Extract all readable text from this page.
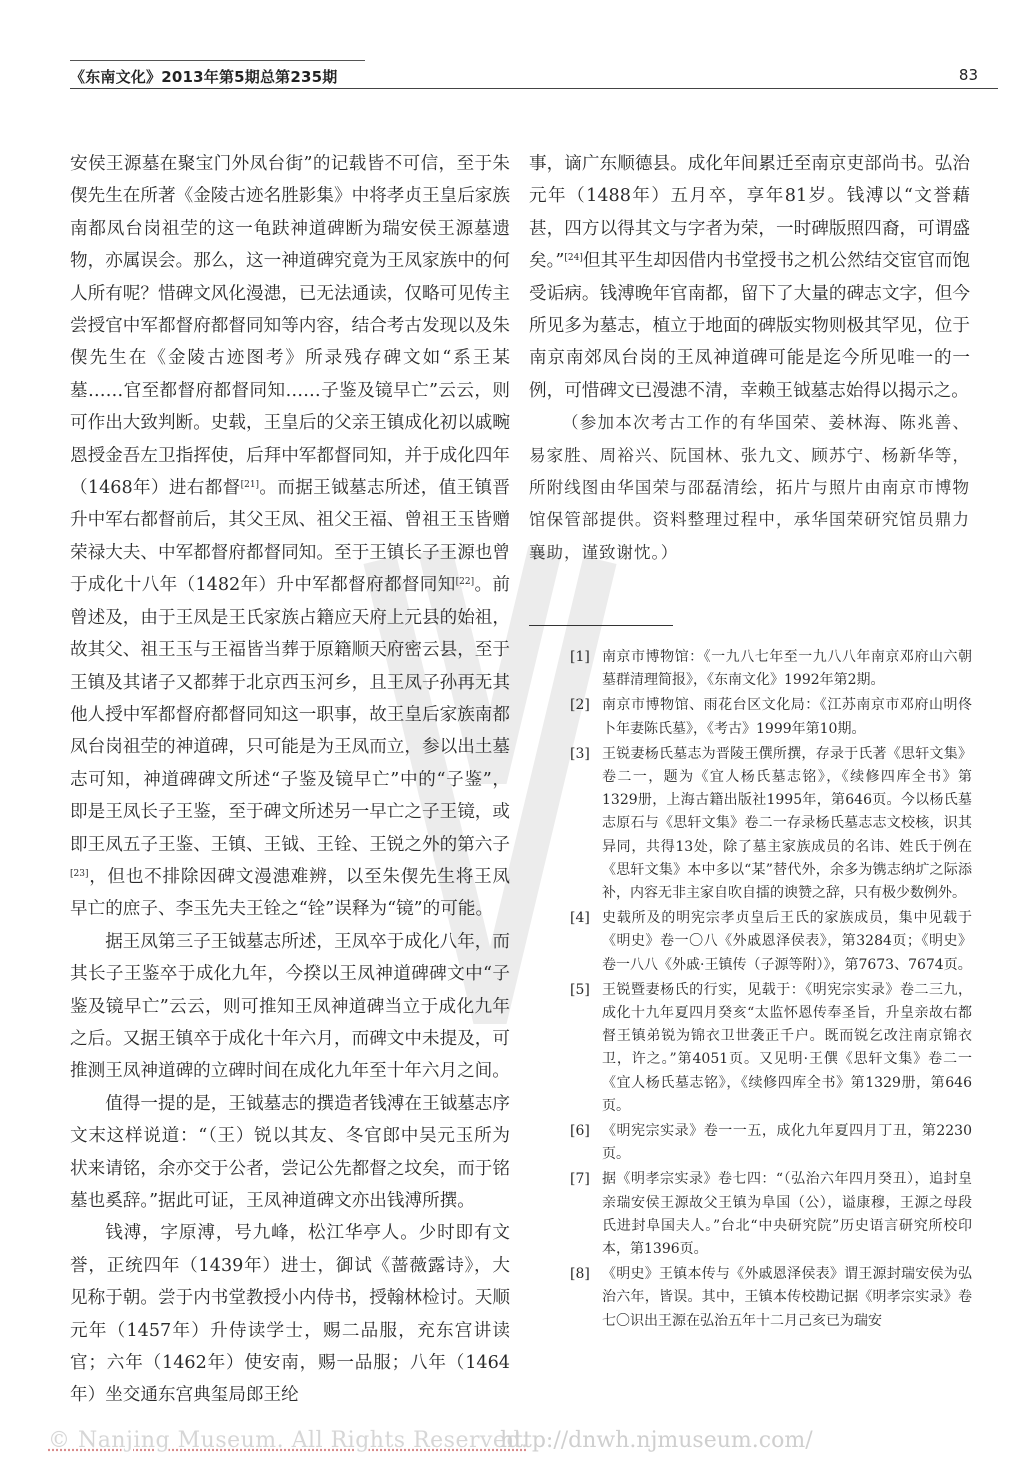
《东南文化》2013年第5期总第235期	83

安侯王源墓在聚宝门外凤台街”的记载皆不可信，至于朱偰先生在所著《金陵古迹名胜影集》中将孝贞王皇后家族南都凤台岗祖茔的这一龟趺神道碑断为瑞安侯王源墓遗物，亦属误会。那么，这一神道碑究竟为王凤家族中的何人所有呢？惜碑文风化漫漶，已无法通读，仅略可见传主尝授官中军都督府都督同知等内容，结合考古发现以及朱偰先生在《金陵古迹图考》所录残存碑文如“系王某墓……官至都督府都督同知……子鉴及镜早亡”云云，则可作出大致判断。史载，王皇后的父亲王镇成化初以戚畹恩授金吾左卫指挥使，后拜中军都督同知，并于成化四年（1468年）进右都督[21]。而据王钺墓志所述，值王镇晋升中军右都督前后，其父王凤、祖父王福、曾祖王玉皆赠荣禄大夫、中军都督府都督同知。至于王镇长子王源也曾于成化十八年（1482年）升中军都督府都督同知[22]。前曾述及，由于王凤是王氏家族占籍应天府上元县的始祖，故其父、祖王玉与王福皆当葬于原籍顺天府密云县，至于王镇及其诸子又都葬于北京西玉河乡，且王凤子孙再无其他人授中军都督府都督同知这一职事，故王皇后家族南都凤台岗祖茔的神道碑，只可能是为王凤而立，参以出土墓志可知，神道碑碑文所述“子鉴及镜早亡”中的“子鉴”，即是王凤长子王鉴，至于碑文所述另一早亡之子王镜，或即王凤五子王鉴、王镇、王钺、王铨、王锐之外的第六子[23]，但也不排除因碑文漫漶难辨，以至朱偰先生将王凤早亡的庶子、李玉先夫王铨之“铨”误释为“镜”的可能。

据王凤第三子王钺墓志所述，王凤卒于成化八年，而其长子王鉴卒于成化九年，今揆以王凤神道碑碑文中“子鉴及镜早亡”云云，则可推知王凤神道碑当立于成化九年之后。又据王镇卒于成化十年六月，而碑文中未提及，可推测王凤神道碑的立碑时间在成化九年至十年六月之间。

值得一提的是，王钺墓志的撰造者钱溥在王钺墓志序文末这样说道：“（王）锐以其友、冬官郎中吴元玉所为状来请铭，余亦交于公者，尝记公先都督之坟矣，而于铭墓也奚辞。”据此可证，王凤神道碑文亦出钱溥所撰。

钱溥，字原溥，号九峰，松江华亭人。少时即有文誉，正统四年（1439年）进士，御试《蔷薇露诗》，大见称于朝。尝于内书堂教授小内侍书，授翰林检讨。天顺元年（1457年）升侍读学士，赐二品服，充东宫讲读官；六年（1462年）使安南，赐一品服；八年（1464年）坐交通东宫典玺局郎王纶

事，谪广东顺德县。成化年间累迁至南京吏部尚书。弘治元年（1488年）五月卒，享年81岁。钱溥以“文誉藉甚，四方以得其文与字者为荣，一时碑版照四裔，可谓盛矣。”[24]但其平生却因借内书堂授书之机公然结交宦官而饱受诟病。钱溥晚年官南都，留下了大量的碑志文字，但今所见多为墓志，植立于地面的碑版实物则极其罕见，位于南京南郊凤台岗的王凤神道碑可能是迄今所见唯一的一例，可惜碑文已漫漶不清，幸赖王钺墓志始得以揭示之。

（参加本次考古工作的有华国荣、姜林海、陈兆善、易家胜、周裕兴、阮国林、张九文、顾苏宁、杨新华等，所附线图由华国荣与邵磊清绘，拓片与照片由南京市博物馆保管部提供。资料整理过程中，承华国荣研究馆员鼎力襄助，谨致谢忱。）

[1] 南京市博物馆：《一九八七年至一九八八年南京邓府山六朝墓群清理简报》，《东南文化》1992年第2期。
[2] 南京市博物馆、雨花台区文化局：《江苏南京市邓府山明佟卜年妻陈氏墓》，《考古》1999年第10期。
[3] 王锐妻杨氏墓志为晋陵王僎所撰，存录于氏著《思轩文集》卷二一，题为《宜人杨氏墓志铭》，《续修四库全书》第1329册，上海古籍出版社1995年，第646页。今以杨氏墓志原石与《思轩文集》卷二一存录杨氏墓志志文校核，识其异同，共得13处，除了墓主家族成员的名讳、姓氏于例在《思轩文集》本中多以“某”替代外，余多为镌志纳圹之际添补，内容无非主家自吹自擂的谀赞之辞，只有极少数例外。
[4] 史载所及的明宪宗孝贞皇后王氏的家族成员，集中见载于《明史》卷一〇八《外戚恩泽侯表》，第3284页；《明史》卷一八八《外戚·王镇传（子源等附）》，第7673、7674页。
[5] 王锐暨妻杨氏的行实，见载于：《明宪宗实录》卷二三九，成化十九年夏四月癸亥“太监怀恩传奉圣旨，升皇亲故右都督王镇弟锐为锦衣卫世袭正千户。既而锐乞改注南京锦衣卫，许之。”第4051页。又见明·王僎《思轩文集》卷二一《宜人杨氏墓志铭》，《续修四库全书》第1329册，第646页。
[6] 《明宪宗实录》卷一一五，成化九年夏四月丁丑，第2230页。
[7] 据《明孝宗实录》卷七四：“（弘治六年四月癸丑），追封皇亲瑞安侯王源故父王镇为阜国（公），谥康穆，王源之母段氏进封阜国夫人。”台北“中央研究院”历史语言研究所校印本，第1396页。
[8] 《明史》王镇本传与《外戚恩泽侯表》谓王源封瑞安侯为弘治六年，皆误。其中，王镇本传校勘记据《明孝宗实录》卷七〇识出王源在弘治五年十二月己亥已为瑞安
© Nanjing Museum. All Rights Reserved.
http://dnwh.njmuseum.com/
